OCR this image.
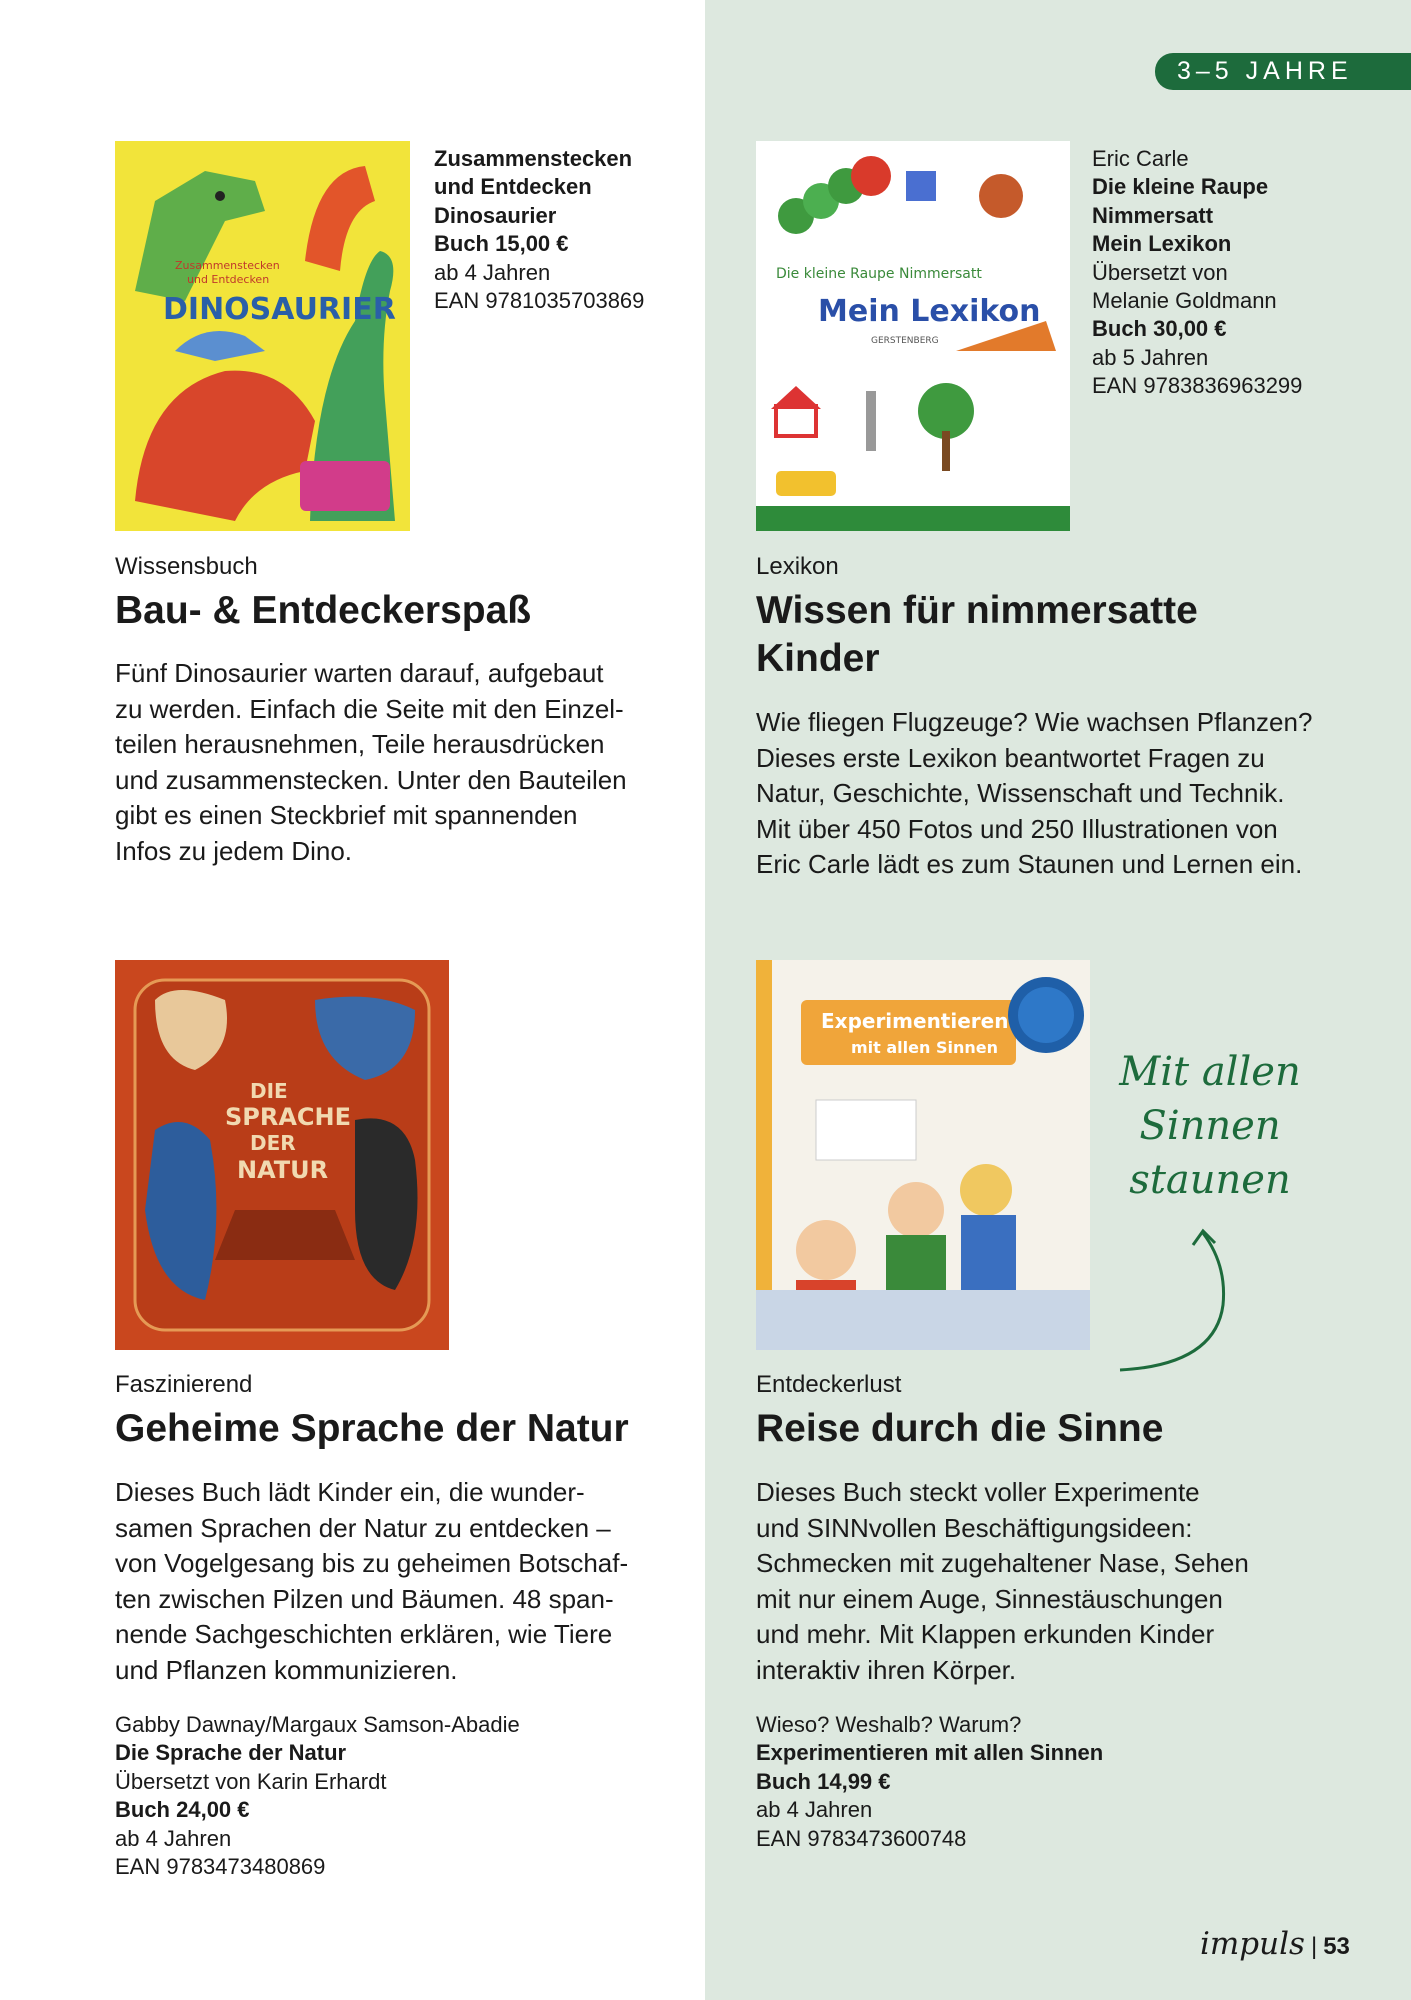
3–5 JAHRE
Zusammenstecken
und Entdecken
DINOSAURIER
Zusammenstecken
und Entdecken
Dinosaurier
Buch 15,00 €
ab 4 Jahren
EAN 9781035703869
Wissensbuch
Bau- & Entdeckerspaß
Fünf Dinosaurier warten darauf, aufgebaut
zu werden. Einfach die Seite mit den Einzel-
teilen herausnehmen, Teile herausdrücken
und zusammenstecken. Unter den Bauteilen
gibt es einen Steckbrief mit spannenden
Infos zu jedem Dino.
Die kleine Raupe Nimmersatt
Mein Lexikon
GERSTENBERG
Eric Carle
Die kleine Raupe
Nimmersatt
Mein Lexikon
Übersetzt von
Melanie Goldmann
Buch 30,00 €
ab 5 Jahren
EAN 9783836963299
Lexikon
Wissen für nimmersatte
Kinder
Wie fliegen Flugzeuge? Wie wachsen Pflanzen?
Dieses erste Lexikon beantwortet Fragen zu
Natur, Geschichte, Wissenschaft und Technik.
Mit über 450 Fotos und 250 Illustrationen von
Eric Carle lädt es zum Staunen und Lernen ein.
DIE
SPRACHE
DER
NATUR
Faszinierend
Geheime Sprache der Natur
Dieses Buch lädt Kinder ein, die wunder-
samen Sprachen der Natur zu entdecken –
von Vogelgesang bis zu geheimen Botschaf-
ten zwischen Pilzen und Bäumen. 48 span-
nende Sachgeschichten erklären, wie Tiere
und Pflanzen kommunizieren.
Gabby Dawnay/Margaux Samson-Abadie
Die Sprache der Natur
Übersetzt von Karin Erhardt
Buch 24,00 €
ab 4 Jahren
EAN 9783473480869
Experimentieren
mit allen Sinnen
Entdeckerlust
Reise durch die Sinne
Dieses Buch steckt voller Experimente
und SINNvollen Beschäftigungsideen:
Schmecken mit zugehaltener Nase, Sehen
mit nur einem Auge, Sinnestäuschungen
und mehr. Mit Klappen erkunden Kinder
interaktiv ihren Körper.
Wieso? Weshalb? Warum?
Experimentieren mit allen Sinnen
Buch 14,99 €
ab 4 Jahren
EAN 9783473600748
Mit allen
Sinnen
staunen
impuls | 53
